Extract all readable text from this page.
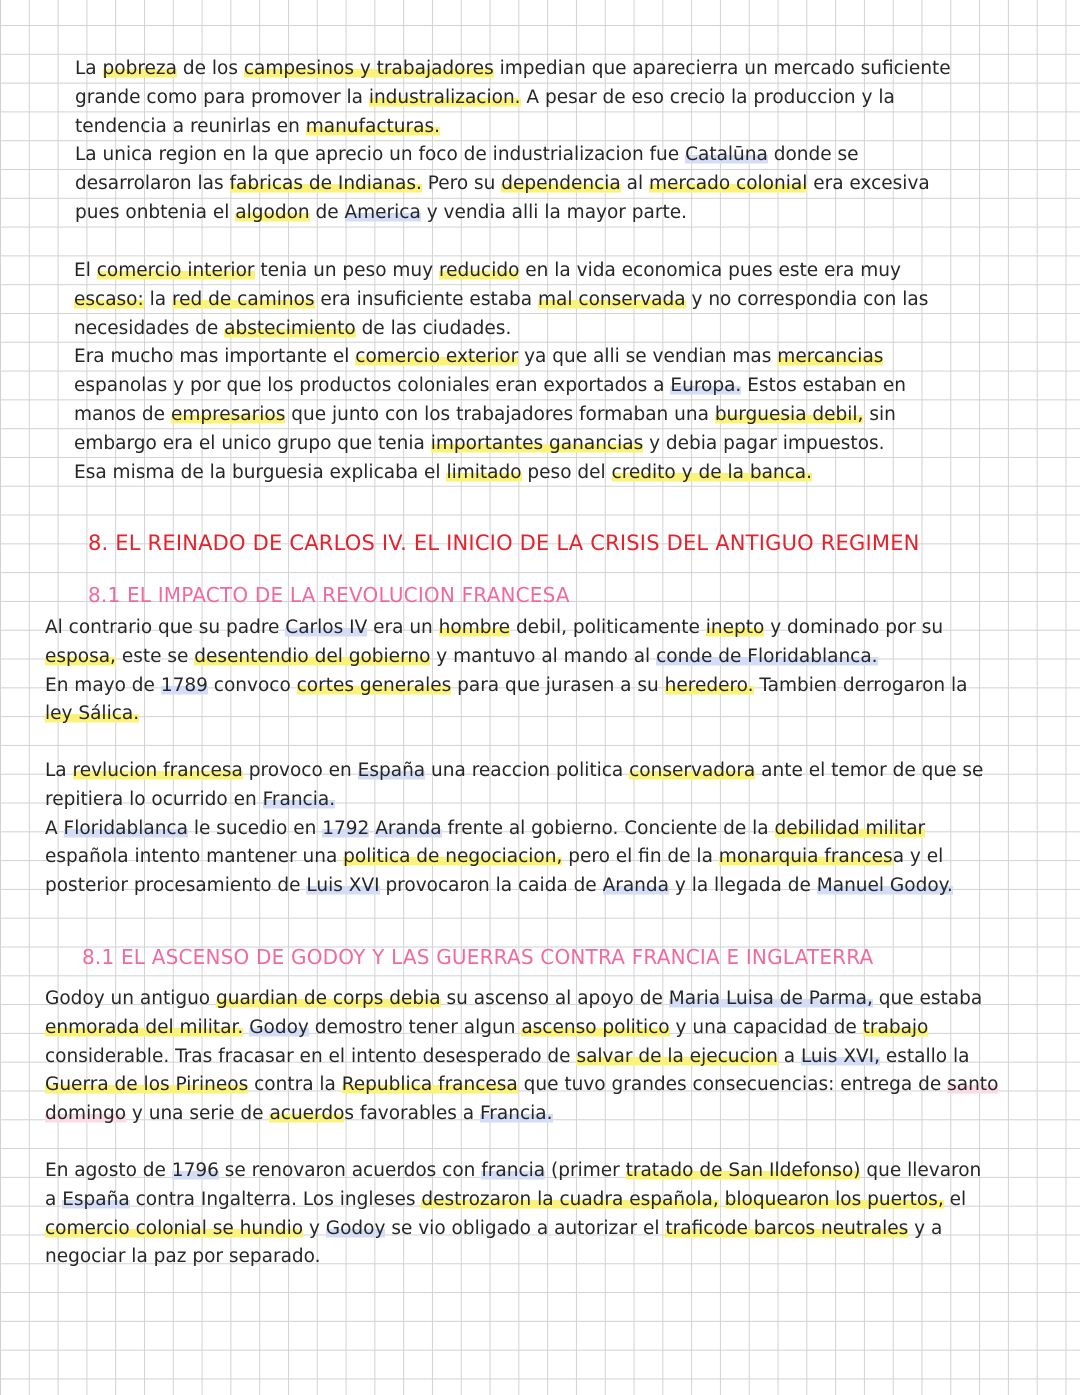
La pobreza de los campesinos y trabajadores impedian que aparecierra un mercado suficiente
grande como para promover la industralizacion. A pesar de eso crecio la produccion y la
tendencia a reunirlas en manufacturas.
La unica region en la que aprecio un foco de industrializacion fue Catalūna donde se
desarrolaron las fabricas de Indianas. Pero su dependencia al mercado colonial era excesiva
pues onbtenia el algodon de America y vendia alli la mayor parte.
El comercio interior tenia un peso muy reducido en la vida economica pues este era muy
escaso: la red de caminos era insuficiente estaba mal conservada y no correspondia con las
necesidades de abstecimiento de las ciudades.
Era mucho mas importante el comercio exterior ya que alli se vendian mas mercancias
espanolas y por que los productos coloniales eran exportados a Europa. Estos estaban en
manos de empresarios que junto con los trabajadores formaban una burguesia debil, sin
embargo era el unico grupo que tenia importantes ganancias y debia pagar impuestos.
Esa misma de la burguesia explicaba el limitado peso del credito y de la banca.
8. EL REINADO DE CARLOS IV. EL INICIO DE LA CRISIS DEL ANTIGUO REGIMEN
8.1 EL IMPACTO DE LA REVOLUCION FRANCESA
Al contrario que su padre Carlos IV era un hombre debil, politicamente inepto y dominado por su
esposa, este se desentendio del gobierno y mantuvo al mando al conde de Floridablanca.
En mayo de 1789 convoco cortes generales para que jurasen a su heredero. Tambien derrogaron la
ley Sálica.
La revlucion francesa provoco en España una reaccion politica conservadora ante el temor de que se
repitiera lo ocurrido en Francia.
A Floridablanca le sucedio en 1792 Aranda frente al gobierno. Conciente de la debilidad militar
española intento mantener una politica de negociacion, pero el fin de la monarquia francesa y el
posterior procesamiento de Luis XVI provocaron la caida de Aranda y la llegada de Manuel Godoy.
8.1 EL ASCENSO DE GODOY Y LAS GUERRAS CONTRA FRANCIA E INGLATERRA
Godoy un antiguo guardian de corps debia su ascenso al apoyo de Maria Luisa de Parma, que estaba
enmorada del militar. Godoy demostro tener algun ascenso politico y una capacidad de trabajo
considerable. Tras fracasar en el intento desesperado de salvar de la ejecucion a Luis XVI, estallo la
Guerra de los Pirineos contra la Republica francesa que tuvo grandes consecuencias: entrega de santo
domingo y una serie de acuerdos favorables a Francia.
En agosto de 1796 se renovaron acuerdos con francia (primer tratado de San Ildefonso) que llevaron
a España contra Ingalterra. Los ingleses destrozaron la cuadra española, bloquearon los puertos, el
comercio colonial se hundio y Godoy se vio obligado a autorizar el traficode barcos neutrales y a
negociar la paz por separado.
